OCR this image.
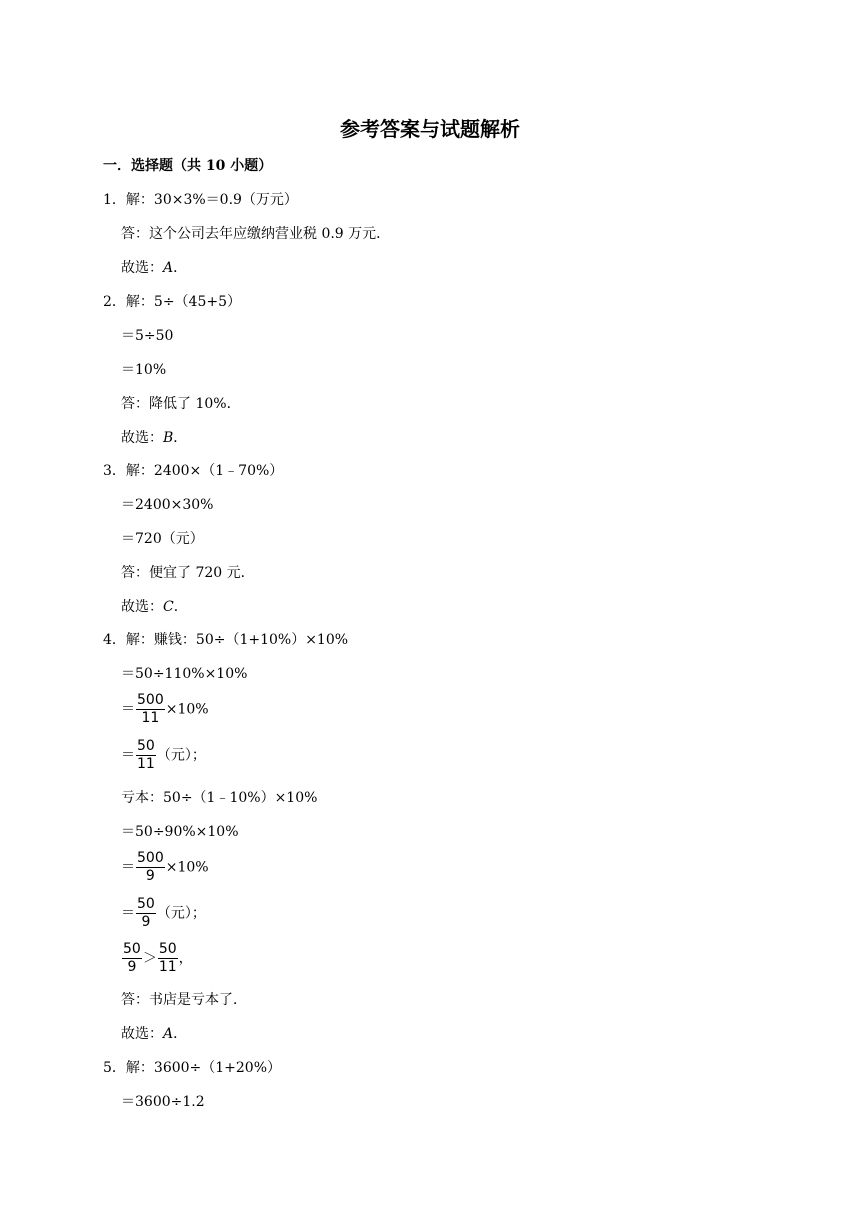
参考答案与试题解析
一．选择题（共 10 小题）
1．解：30×3%＝0.9（万元）
答：这个公司去年应缴纳营业税 0.9 万元．
故选：A．
2．解：5÷（45+5）
＝5÷50
＝10%
答：降低了 10%．
故选：B．
3．解：2400×（1﹣70%）
＝2400×30%
＝720（元）
答：便宜了 720 元．
故选：C．
4．解：赚钱：50÷（1+10%）×10%
＝50÷110%×10%
＝ $\frac{500}{11} \times 10\%$
＝ $\frac{50}{11}$ （元）；
亏本：50÷（1﹣10%）×10%
＝50÷90%×10%
＝ $\frac{500}{9} \times 10\%$
＝ $\frac{50}{9}$ （元）；
$\frac{50}{9} > \frac{50}{11}$ ，
答：书店是亏本了．
故选：A．
5．解：3600÷（1+20%）
＝3600÷1.2
